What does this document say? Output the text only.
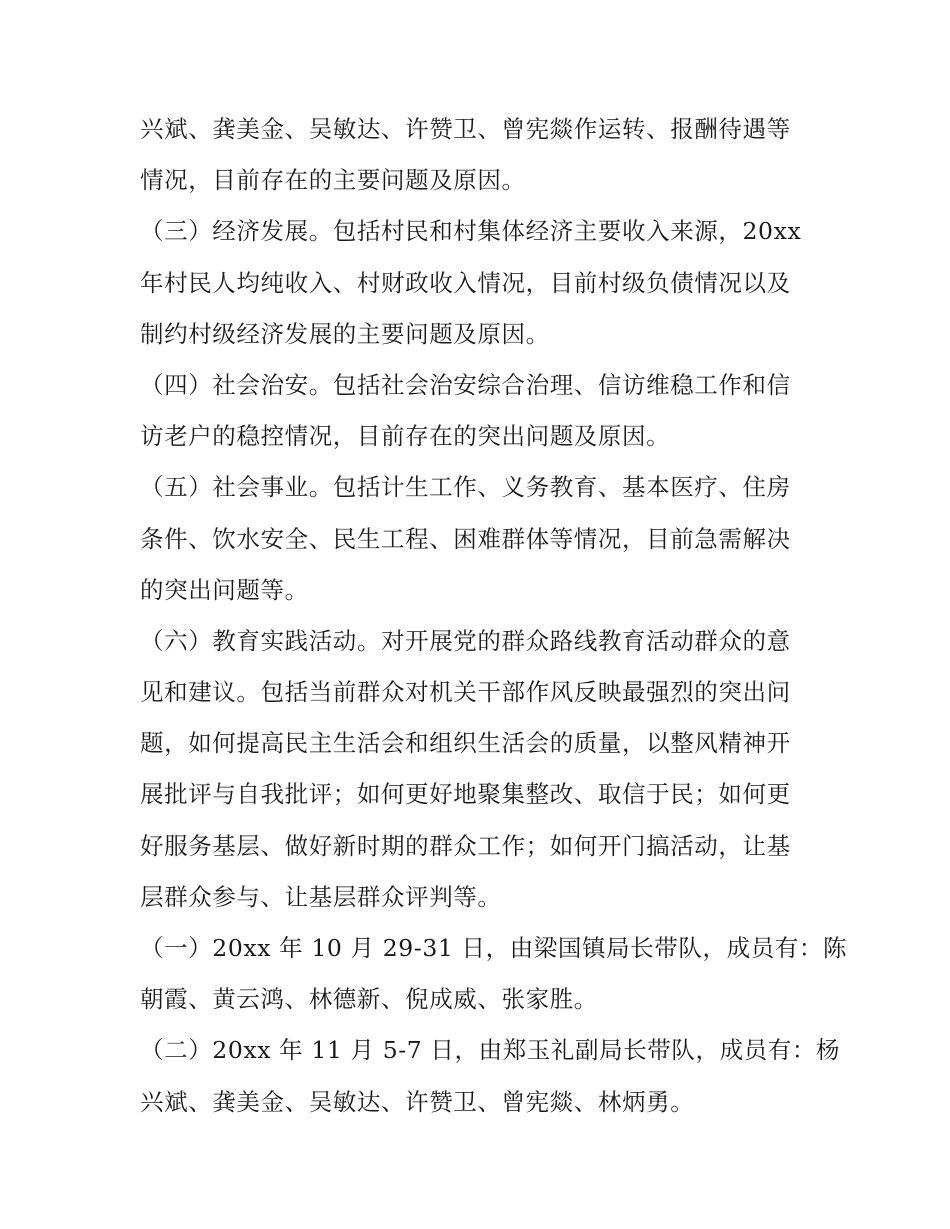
兴斌、龚美金、吴敏达、许赞卫、曾宪燚作运转、报酬待遇等
情况，目前存在的主要问题及原因。
（三）经济发展。包括村民和村集体经济主要收入来源，20xx
年村民人均纯收入、村财政收入情况，目前村级负债情况以及
制约村级经济发展的主要问题及原因。
（四）社会治安。包括社会治安综合治理、信访维稳工作和信
访老户的稳控情况，目前存在的突出问题及原因。
（五）社会事业。包括计生工作、义务教育、基本医疗、住房
条件、饮水安全、民生工程、困难群体等情况，目前急需解决
的突出问题等。
（六）教育实践活动。对开展党的群众路线教育活动群众的意
见和建议。包括当前群众对机关干部作风反映最强烈的突出问
题，如何提高民主生活会和组织生活会的质量，以整风精神开
展批评与自我批评；如何更好地聚集整改、取信于民；如何更
好服务基层、做好新时期的群众工作；如何开门搞活动，让基
层群众参与、让基层群众评判等。
（一）20xx 年 10 月 29-31 日，由梁国镇局长带队，成员有：陈
朝霞、黄云鸿、林德新、倪成威、张家胜。
（二）20xx 年 11 月 5-7 日，由郑玉礼副局长带队，成员有：杨
兴斌、龚美金、吴敏达、许赞卫、曾宪燚、林炳勇。
